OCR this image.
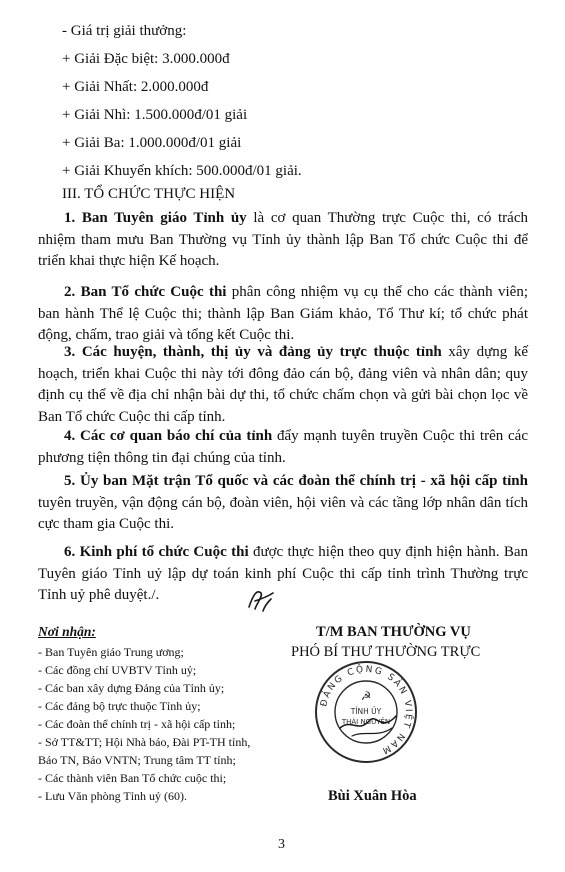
- Giá trị giải thưởng:
+ Giải Đặc biệt: 3.000.000đ
+ Giải Nhất: 2.000.000đ
+ Giải Nhì: 1.500.000đ/01 giải
+ Giải Ba: 1.000.000đ/01 giải
+ Giải Khuyến khích: 500.000đ/01 giải.
III. TỔ CHỨC THỰC HIỆN
1. Ban Tuyên giáo Tỉnh ủy là cơ quan Thường trực Cuộc thi, có trách nhiệm tham mưu Ban Thường vụ Tỉnh ủy thành lập Ban Tổ chức Cuộc thi để triển khai thực hiện Kế hoạch.
2. Ban Tổ chức Cuộc thi phân công nhiệm vụ cụ thể cho các thành viên; ban hành Thể lệ Cuộc thi; thành lập Ban Giám khảo, Tổ Thư kí; tổ chức phát động, chấm, trao giải và tổng kết Cuộc thi.
3. Các huyện, thành, thị ủy và đảng ủy trực thuộc tỉnh xây dựng kế hoạch, triển khai Cuộc thi này tới đông đảo cán bộ, đảng viên và nhân dân; quy định cụ thể về địa chỉ nhận bài dự thi, tổ chức chấm chọn và gửi bài chọn lọc về Ban Tổ chức Cuộc thi cấp tỉnh.
4. Các cơ quan báo chí của tỉnh đẩy mạnh tuyên truyền Cuộc thi trên các phương tiện thông tin đại chúng của tỉnh.
5. Ủy ban Mặt trận Tổ quốc và các đoàn thể chính trị - xã hội cấp tỉnh tuyên truyền, vận động cán bộ, đoàn viên, hội viên và các tầng lớp nhân dân tích cực tham gia Cuộc thi.
6. Kinh phí tổ chức Cuộc thi được thực hiện theo quy định hiện hành. Ban Tuyên giáo Tỉnh uỷ lập dự toán kinh phí Cuộc thi cấp tỉnh trình Thường trực Tỉnh uỷ phê duyệt./.
Nơi nhận:
- Ban Tuyên giáo Trung ương;
- Các đồng chí UVBTV Tỉnh uỷ;
- Các ban xây dựng Đảng của Tỉnh ủy;
- Các đảng bộ trực thuộc Tỉnh ủy;
- Các đoàn thể chính trị - xã hội cấp tỉnh;
- Sở TT&TT; Hội Nhà báo, Đài PT-TH tỉnh,
Báo TN, Báo VNTN; Trung tâm TT tỉnh;
- Các thành viên Ban Tổ chức cuộc thi;
- Lưu Văn phòng Tỉnh uỷ (60).
T/M BAN THƯỜNG VỤ
PHÓ BÍ THƯ THƯỜNG TRỰC
ĐẢNG CỘNG SẢN VIỆT NAM
☭
TỈNH ỦY
THÁI NGUYÊN
Bùi Xuân Hòa
3
